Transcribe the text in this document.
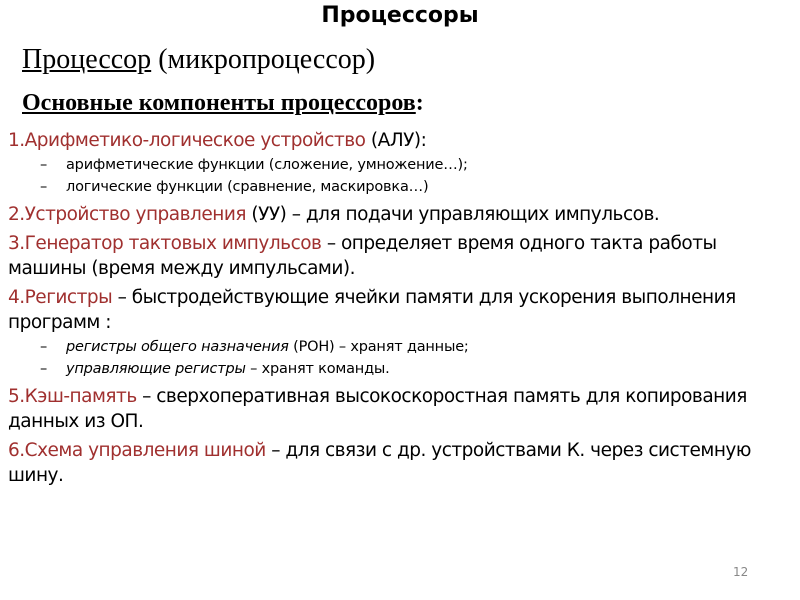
Процессоры
Процессор (микропроцессор)
Основные компоненты процессоров:
1.Арифметико-логическое устройство (АЛУ):
– арифметические функции (сложение, умножение…);
– логические функции (сравнение, маскировка…)
2.Устройство управления (УУ) – для подачи управляющих импульсов.
3.Генератор тактовых импульсов – определяет время одного такта работы машины (время между импульсами).
4.Регистры – быстродействующие ячейки памяти для ускорения выполнения программ :
– регистры общего назначения (РОН) – хранят данные;
– управляющие регистры – хранят команды.
5.Кэш-память – сверхоперативная высокоскоростная память для копирования данных из ОП.
6.Схема управления шиной – для связи с др. устройствами К. через системную шину.
12
